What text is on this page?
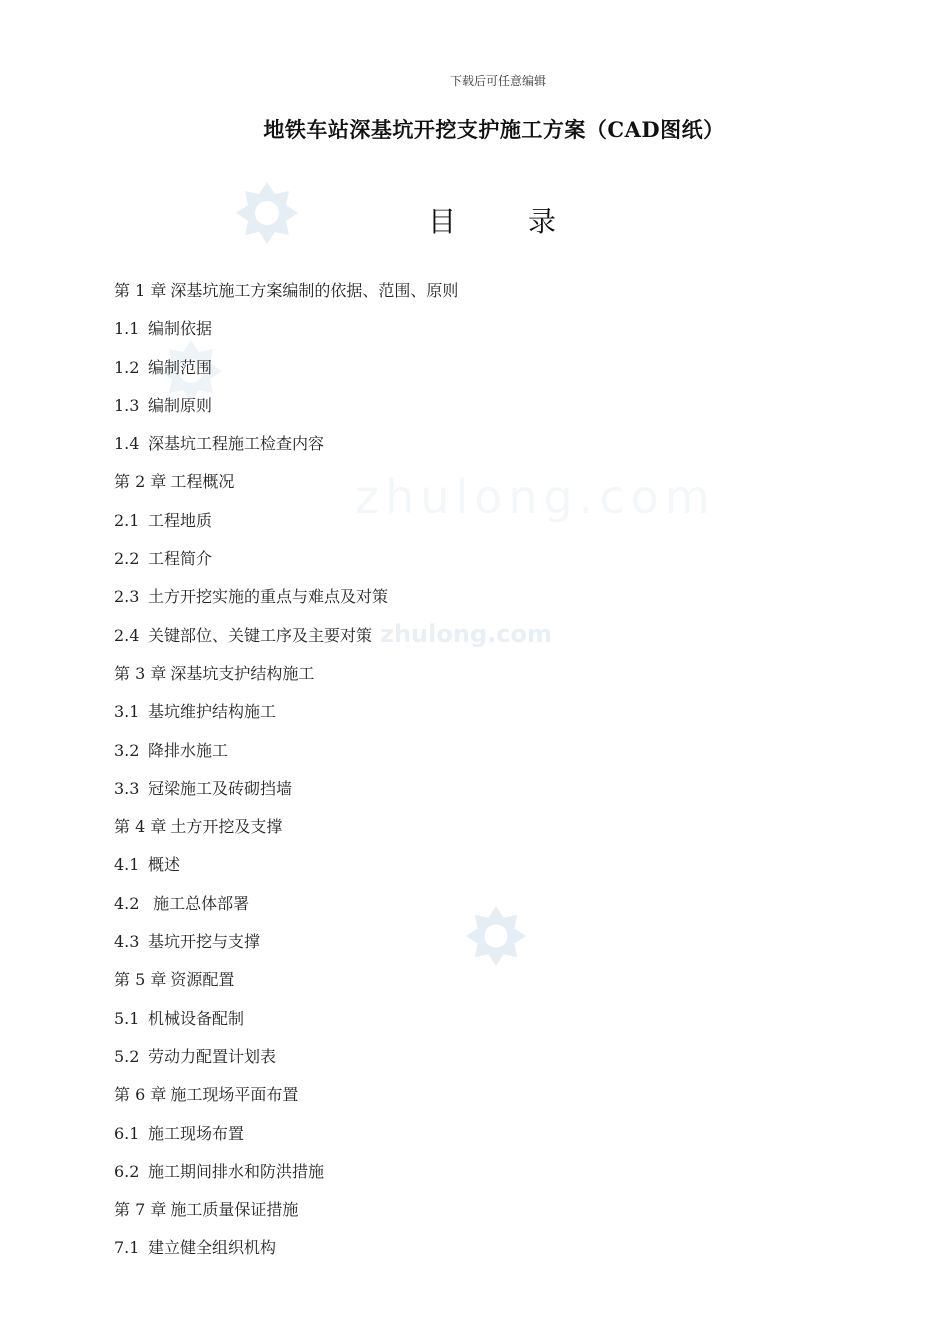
zhulong.com
zhulong.com
下载后可任意编辑
地铁车站深基坑开挖支护施工方案（CAD图纸）
目	录
第 1 章 深基坑施工方案编制的依据、范围、原则
1.1 编制依据
1.2 编制范围
1.3 编制原则
1.4 深基坑工程施工检查内容
第 2 章 工程概况
2.1 工程地质
2.2 工程简介
2.3 土方开挖实施的重点与难点及对策
2.4 关键部位、关键工序及主要对策
第 3 章 深基坑支护结构施工
3.1 基坑维护结构施工
3.2 降排水施工
3.3 冠梁施工及砖砌挡墙
第 4 章 土方开挖及支撑
4.1 概述
4.2 施工总体部署
4.3 基坑开挖与支撑
第 5 章 资源配置
5.1 机械设备配制
5.2 劳动力配置计划表
第 6 章 施工现场平面布置
6.1 施工现场布置
6.2 施工期间排水和防洪措施
第 7 章 施工质量保证措施
7.1 建立健全组织机构
